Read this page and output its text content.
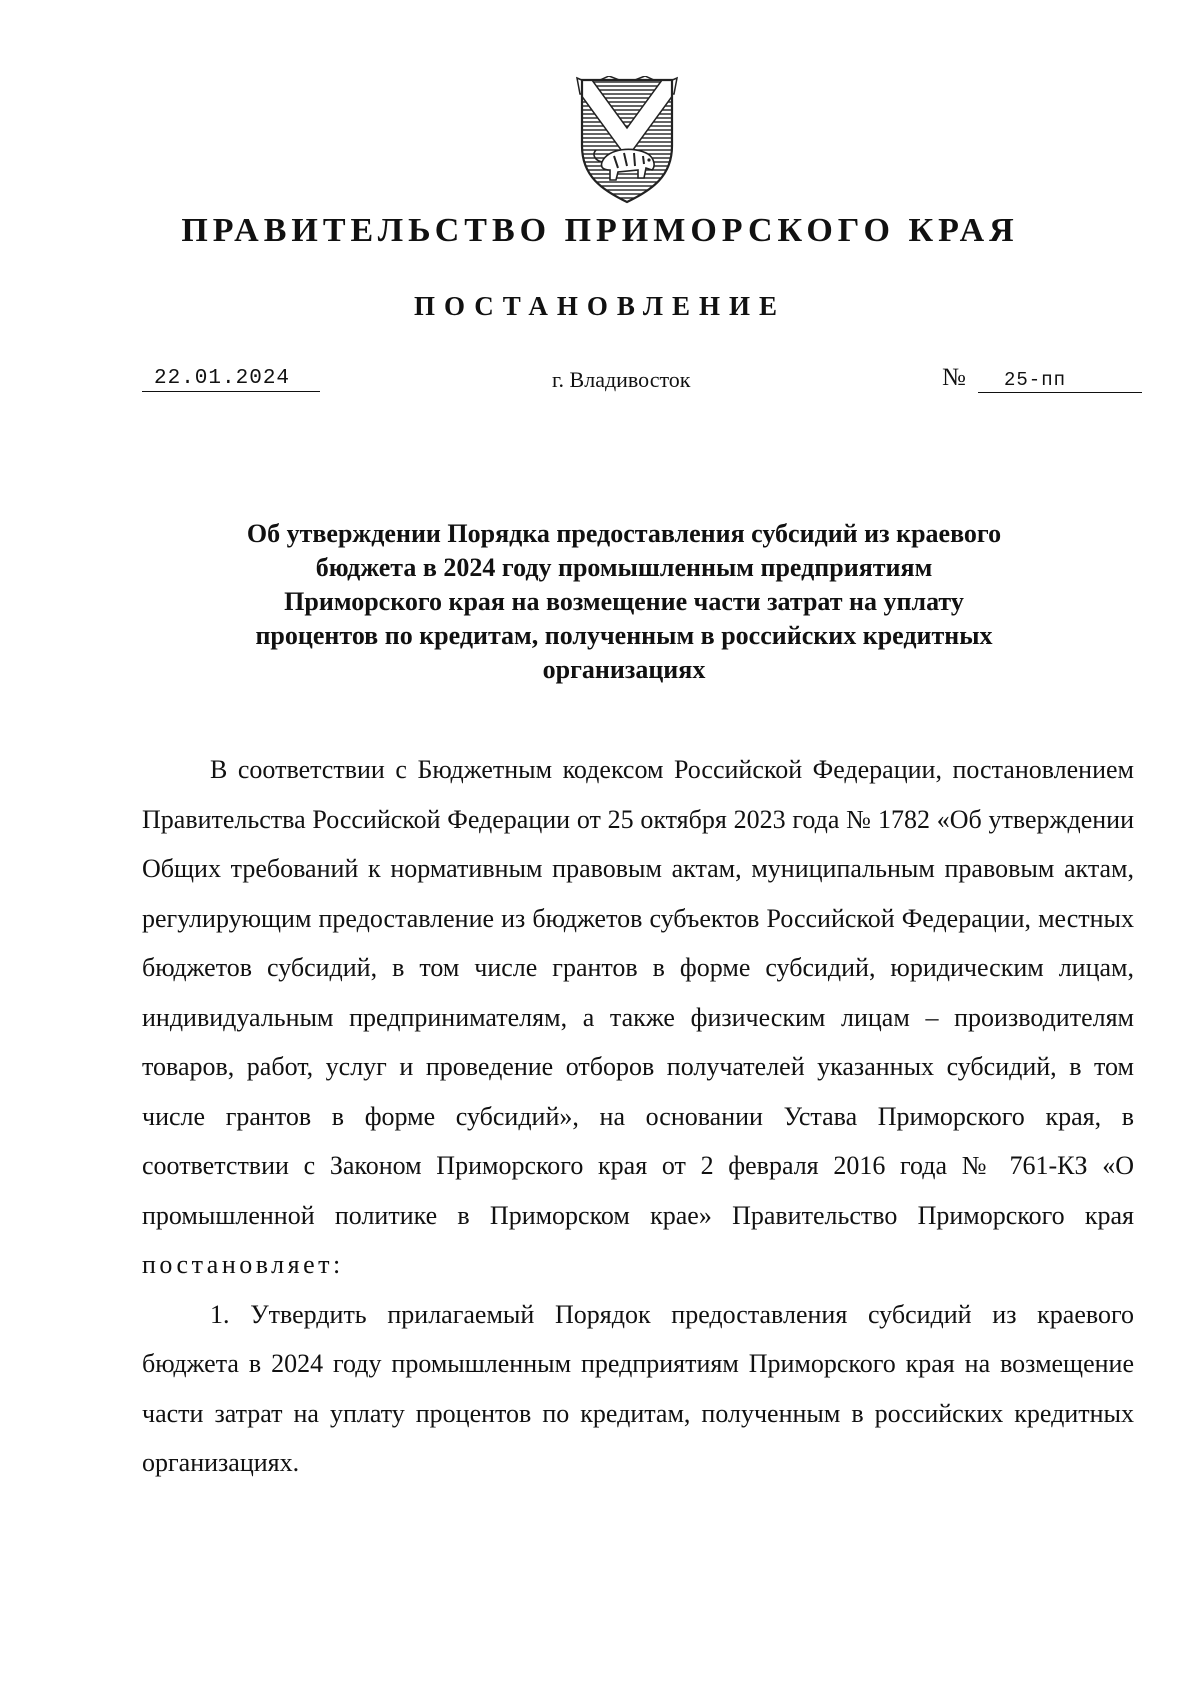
ПРАВИТЕЛЬСТВО ПРИМОРСКОГО КРАЯ
ПОСТАНОВЛЕНИЕ
22.01.2024	г. Владивосток	№	25-пп
Об утверждении Порядка предоставления субсидий из краевого бюджета в 2024 году промышленным предприятиям Приморского края на возмещение части затрат на уплату процентов по кредитам, полученным в российских кредитных организациях

В соответствии с Бюджетным кодексом Российской Федерации, постановлением Правительства Российской Федерации от 25 октября 2023 года № 1782 «Об утверждении Общих требований к нормативным правовым актам, муниципальным правовым актам, регулирующим предоставление из бюджетов субъектов Российской Федерации, местных бюджетов субсидий, в том числе грантов в форме субсидий, юридическим лицам, индивидуальным предпринимателям, а также физическим лицам – производителям товаров, работ, услуг и проведение отборов получателей указанных субсидий, в том числе грантов в форме субсидий», на основании Устава Приморского края, в соответствии с Законом Приморского края от 2 февраля 2016 года № 761-КЗ «О промышленной политике в Приморском крае» Правительство Приморского края постановляет:

1. Утвердить прилагаемый Порядок предоставления субсидий из краевого бюджета в 2024 году промышленным предприятиям Приморского края на возмещение части затрат на уплату процентов по кредитам, полученным в российских кредитных организациях.
